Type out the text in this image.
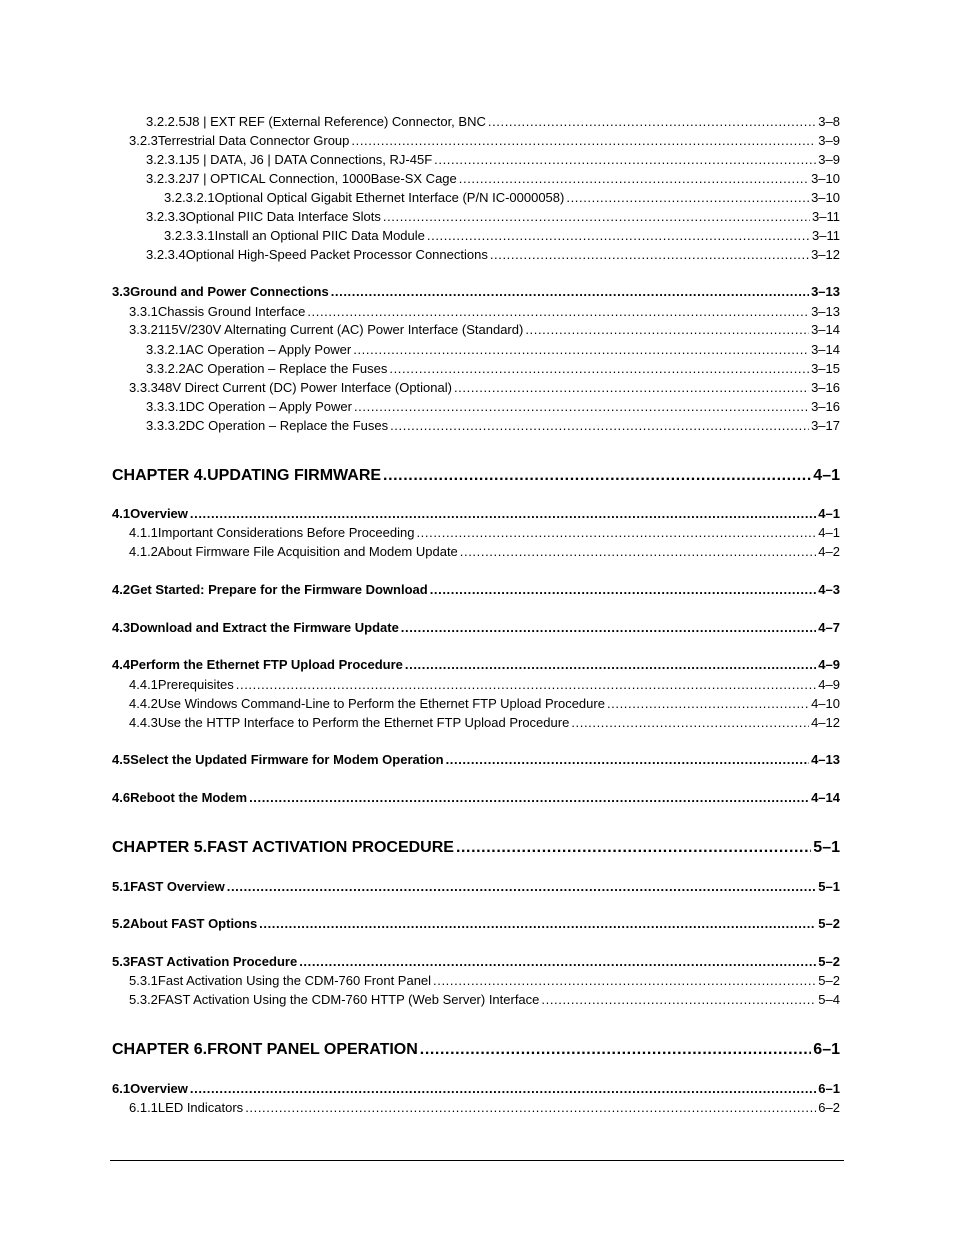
3.2.2.5 J8 | EXT REF (External Reference) Connector, BNC .....	3–8
3.2.3 Terrestrial Data Connector Group .....	3–9
3.2.3.1 J5 | DATA, J6 | DATA Connections, RJ-45F .....	3–9
3.2.3.2 J7 | OPTICAL Connection, 1000Base-SX Cage .....	3–10
3.2.3.2.1 Optional Optical Gigabit Ethernet Interface (P/N IC-0000058) .....	3–10
3.2.3.3 Optional PIIC Data Interface Slots .....	3–11
3.2.3.3.1 Install an Optional PIIC Data Module .....	3–11
3.2.3.4 Optional High-Speed Packet Processor Connections .....	3–12
3.3 Ground and Power Connections .....	3–13
3.3.1 Chassis Ground Interface .....	3–13
3.3.2 115V/230V Alternating Current (AC) Power Interface (Standard) .....	3–14
3.3.2.1 AC Operation – Apply Power .....	3–14
3.3.2.2 AC Operation – Replace the Fuses .....	3–15
3.3.3 48V Direct Current (DC) Power Interface (Optional) .....	3–16
3.3.3.1 DC Operation – Apply Power .....	3–16
3.3.3.2 DC Operation – Replace the Fuses .....	3–17
CHAPTER 4. UPDATING FIRMWARE .....	4–1
4.1 Overview .....	4–1
4.1.1 Important Considerations Before Proceeding .....	4–1
4.1.2 About Firmware File Acquisition and Modem Update .....	4–2
4.2 Get Started: Prepare for the Firmware Download .....	4–3
4.3 Download and Extract the Firmware Update .....	4–7
4.4 Perform the Ethernet FTP Upload Procedure .....	4–9
4.4.1 Prerequisites .....	4–9
4.4.2 Use Windows Command-Line to Perform the Ethernet FTP Upload Procedure .....	4–10
4.4.3 Use the HTTP Interface to Perform the Ethernet FTP Upload Procedure .....	4–12
4.5 Select the Updated Firmware for Modem Operation .....	4–13
4.6 Reboot the Modem .....	4–14
CHAPTER 5. FAST ACTIVATION PROCEDURE .....	5–1
5.1 FAST Overview .....	5–1
5.2 About FAST Options .....	5–2
5.3 FAST Activation Procedure .....	5–2
5.3.1 Fast Activation Using the CDM-760 Front Panel .....	5–2
5.3.2 FAST Activation Using the CDM-760 HTTP (Web Server) Interface .....	5–4
CHAPTER 6. FRONT PANEL OPERATION .....	6–1
6.1 Overview .....	6–1
6.1.1 LED Indicators .....	6–2
